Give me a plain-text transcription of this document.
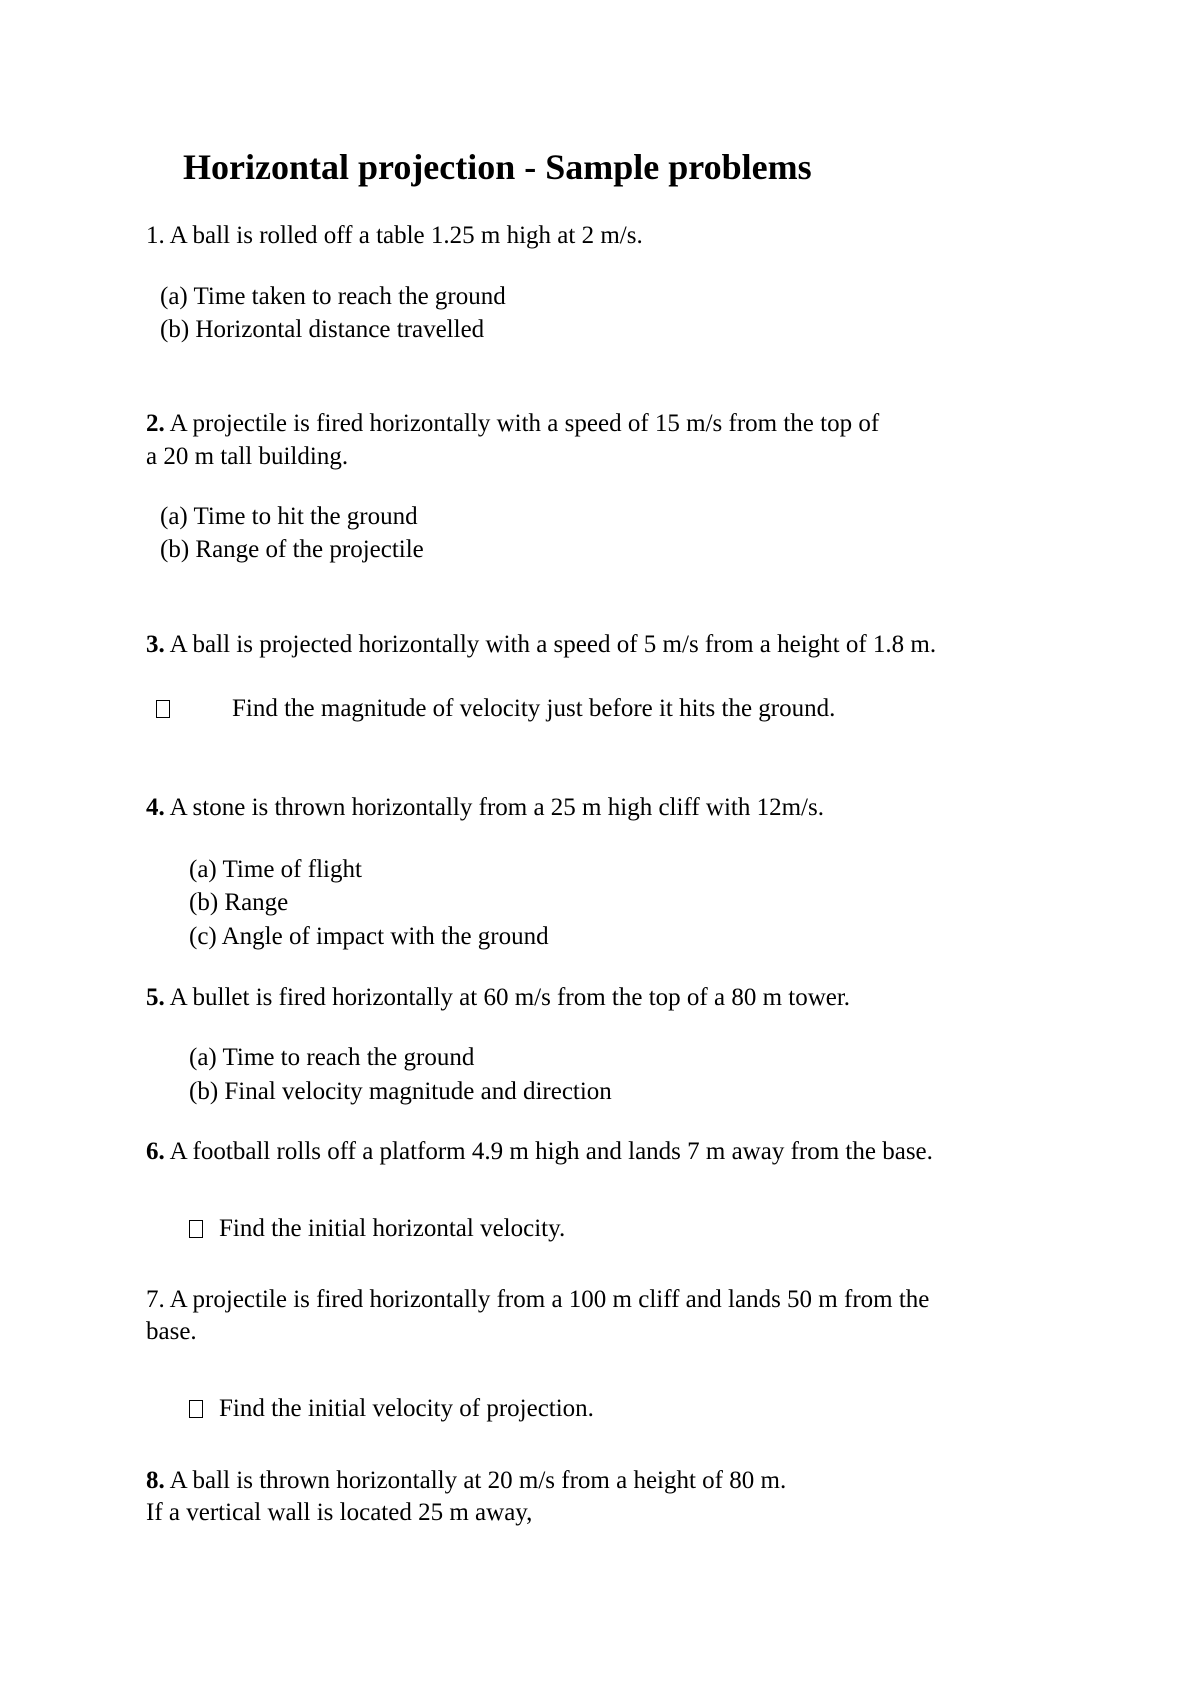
Horizontal projection - Sample problems
1. A ball is rolled off a table 1.25 m high at 2 m/s.
(a) Time taken to reach the ground
(b) Horizontal distance travelled
2. A projectile is fired horizontally with a speed of 15 m/s from the top of
a 20 m tall building.
(a) Time to hit the ground
(b) Range of the projectile
3. A ball is projected horizontally with a speed of 5 m/s from a height of 1.8 m.
Find the magnitude of velocity just before it hits the ground.
4. A stone is thrown horizontally from a 25 m high cliff with 12m/s.
(a) Time of flight
(b) Range
(c) Angle of impact with the ground
5. A bullet is fired horizontally at 60 m/s from the top of a 80 m tower.
(a) Time to reach the ground
(b) Final velocity magnitude and direction
6. A football rolls off a platform 4.9 m high and lands 7 m away from the base.
Find the initial horizontal velocity.
7. A projectile is fired horizontally from a 100 m cliff and lands 50 m from the
base.
Find the initial velocity of projection.
8. A ball is thrown horizontally at 20 m/s from a height of 80 m.
If a vertical wall is located 25 m away,
